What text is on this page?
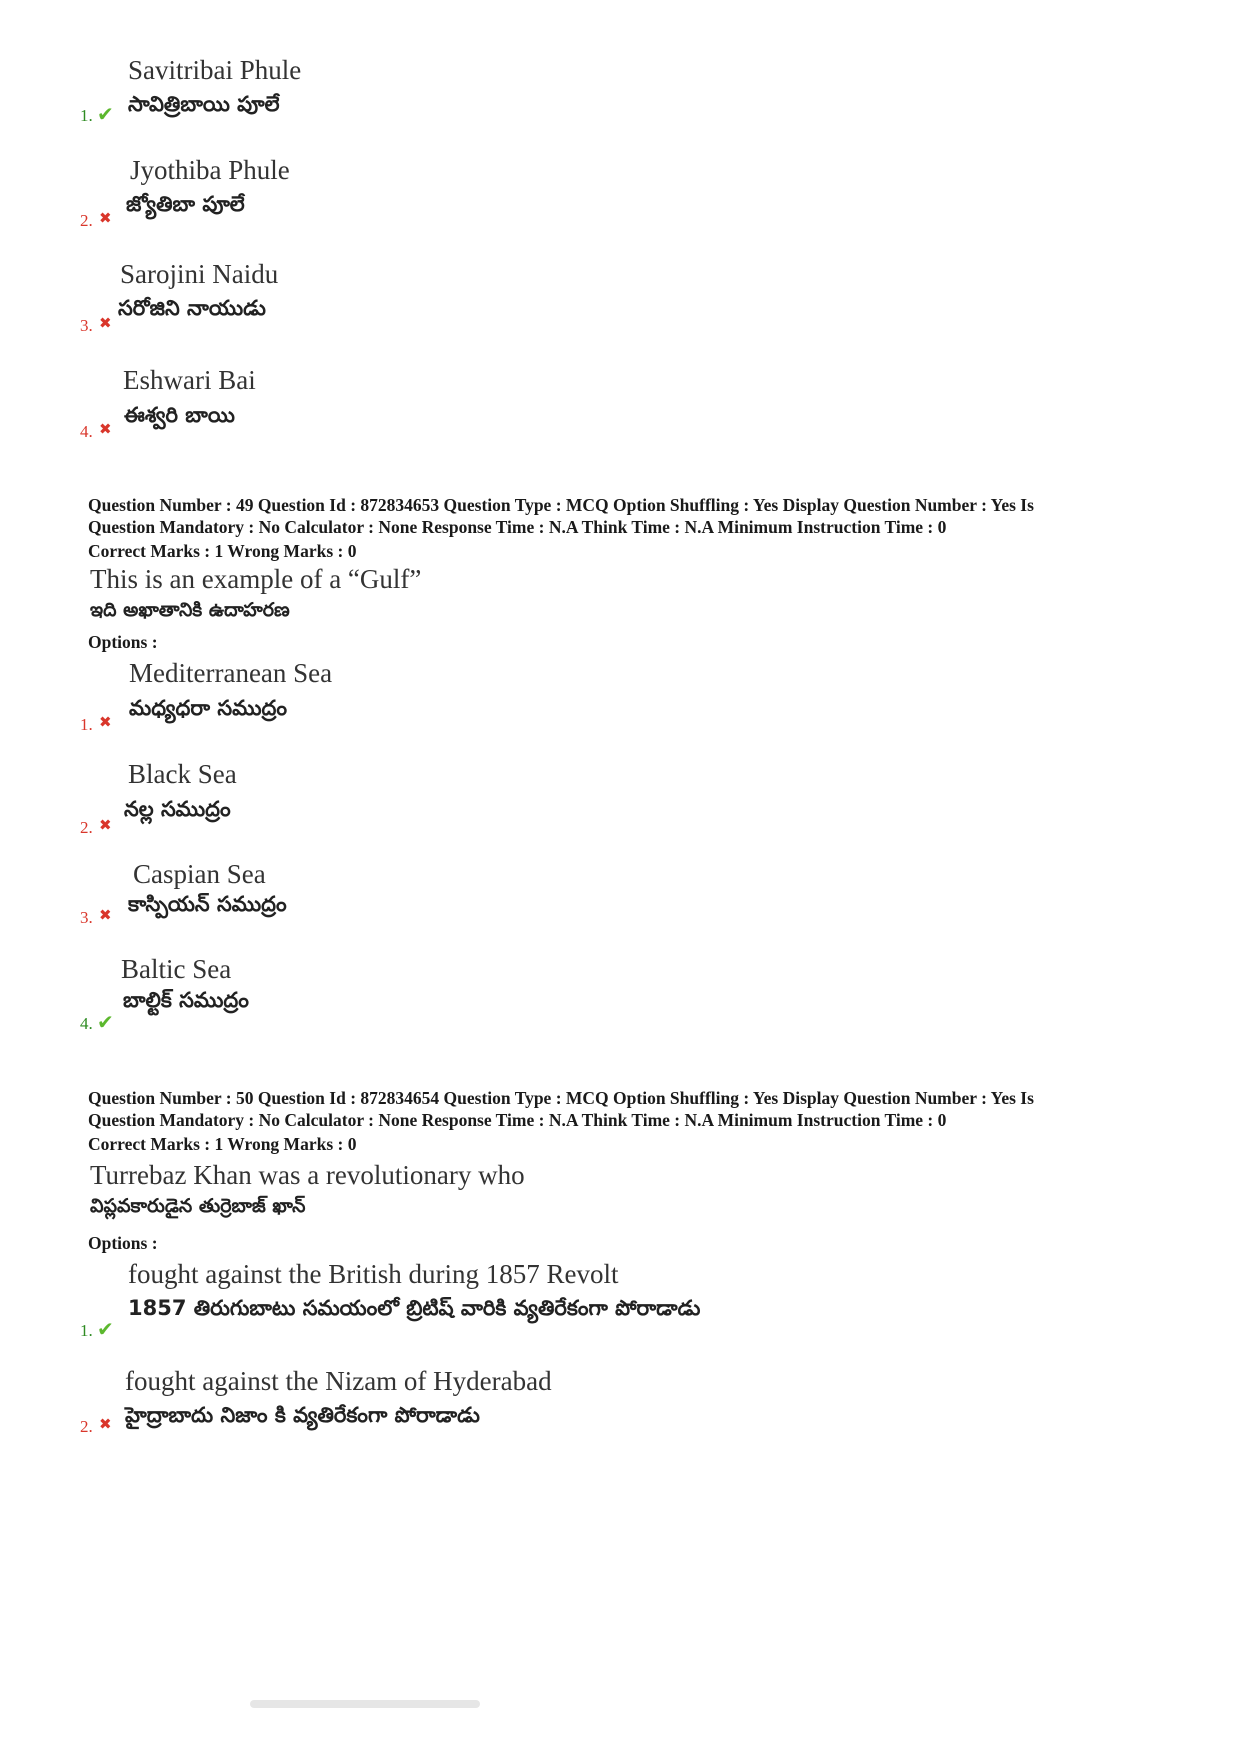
Savitribai Phule
సావిత్రిబాయి పూలే
1. ✔
Jyothiba Phule
జ్యోతిబా పూలే
2. ✖
Sarojini Naidu
సరోజిని నాయుడు
3. ✖
Eshwari Bai
ఈశ్వరి బాయి
4. ✖
Question Number : 49 Question Id : 872834653 Question Type : MCQ Option Shuffling : Yes Display Question Number : Yes Is
Question Mandatory : No Calculator : None Response Time : N.A Think Time : N.A Minimum Instruction Time : 0
Correct Marks : 1 Wrong Marks : 0
This is an example of a “Gulf”
ఇది అఖాతానికి ఉదాహరణ
Options :
Mediterranean Sea
మధ్యధరా సముద్రం
1. ✖
Black Sea
నల్ల సముద్రం
2. ✖
Caspian Sea
కాస్పియన్ సముద్రం
3. ✖
Baltic Sea
బాల్టిక్ సముద్రం
4. ✔
Question Number : 50 Question Id : 872834654 Question Type : MCQ Option Shuffling : Yes Display Question Number : Yes Is
Question Mandatory : No Calculator : None Response Time : N.A Think Time : N.A Minimum Instruction Time : 0
Correct Marks : 1 Wrong Marks : 0
Turrebaz Khan was a revolutionary who
విప్లవకారుడైన తుర్రెబాజ్ ఖాన్
Options :
fought against the British during 1857 Revolt
1857 తిరుగుబాటు సమయంలో బ్రిటిష్ వారికి వ్యతిరేకంగా పోరాడాడు
1. ✔
fought against the Nizam of Hyderabad
హైద్రాబాదు నిజాం కి వ్యతిరేకంగా పోరాడాడు
2. ✖
